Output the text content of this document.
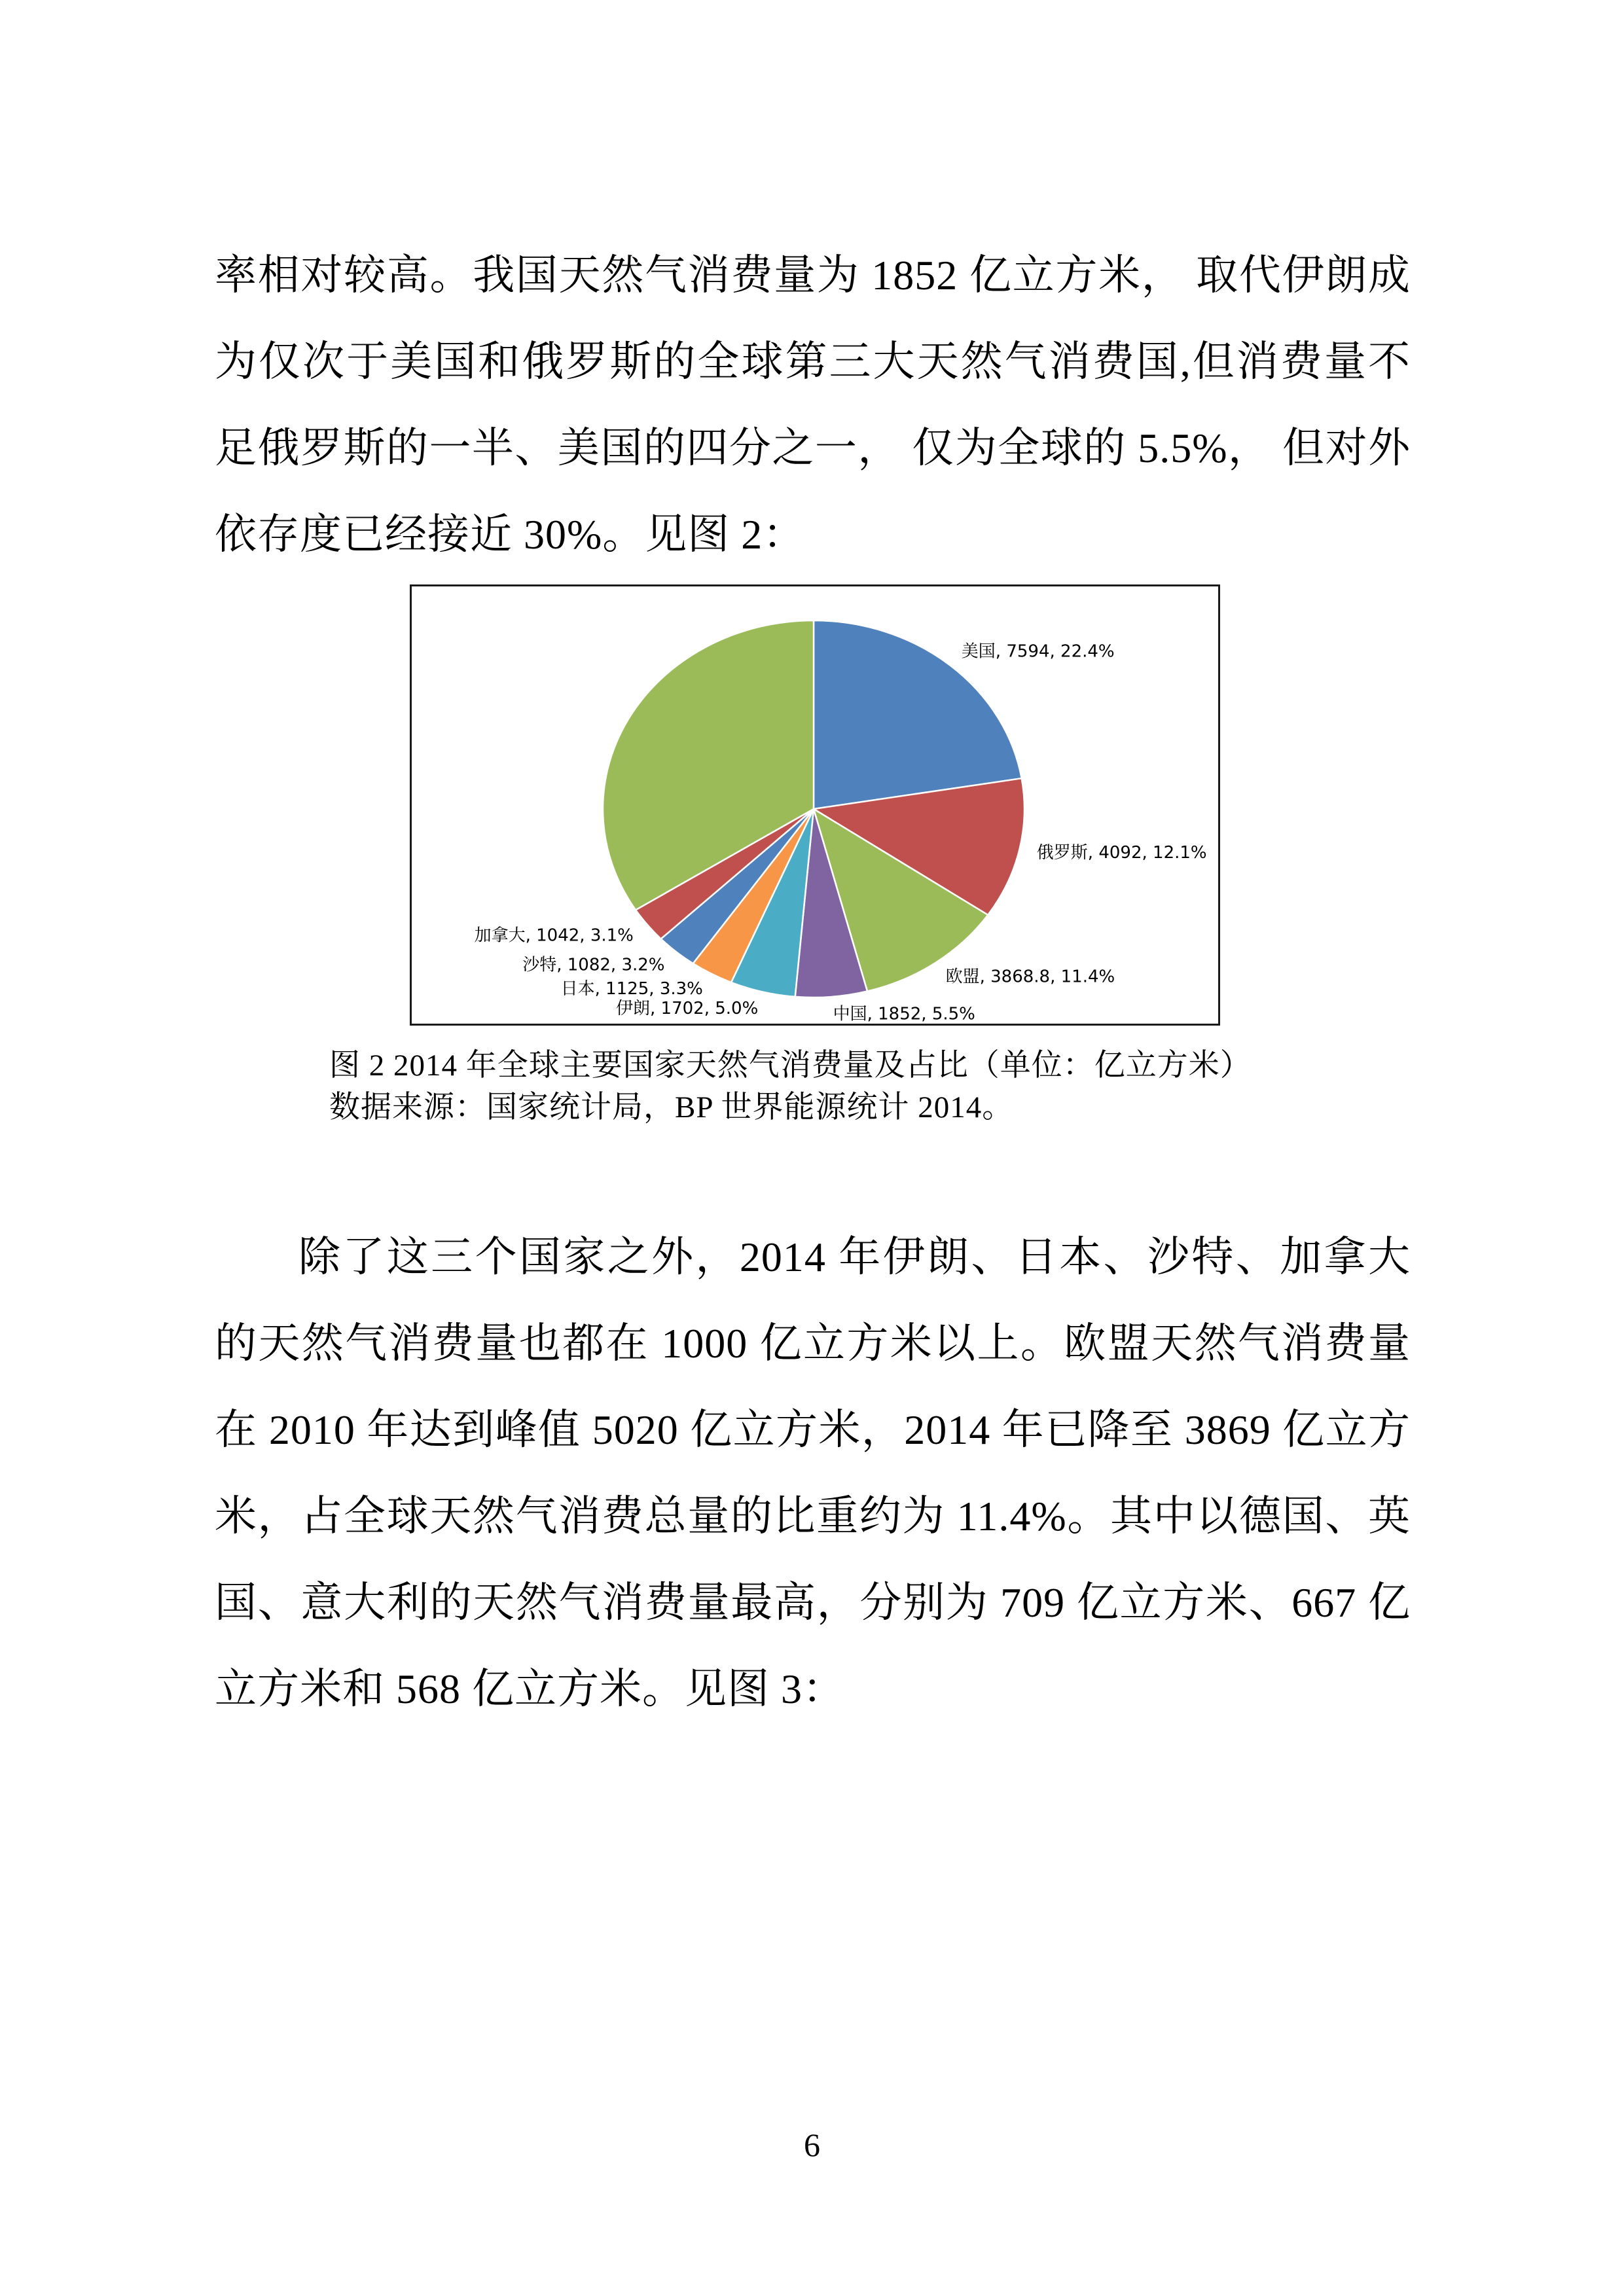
率相对较高。我国天然气消费量为 1852 亿立方米， 取代伊朗成
为仅次于美国和俄罗斯的全球第三大天然气消费国,但消费量不
足俄罗斯的一半、美国的四分之一， 仅为全球的 5.5%， 但对外
依存度已经接近 30%。见图 2：
美国, 7594, 22.4%
俄罗斯, 4092, 12.1%
欧盟, 3868.8, 11.4%
中国, 1852, 5.5%
伊朗, 1702, 5.0%
日本, 1125, 3.3%
沙特, 1082, 3.2%
加拿大, 1042, 3.1%
图 2 2014 年全球主要国家天然气消费量及占比（单位：亿立方米）
数据来源：国家统计局，BP 世界能源统计 2014。
除了这三个国家之外，2014 年伊朗、日本、沙特、加拿大
的天然气消费量也都在 1000 亿立方米以上。欧盟天然气消费量
在 2010 年达到峰值 5020 亿立方米，2014 年已降至 3869 亿立方
米，占全球天然气消费总量的比重约为 11.4%。其中以德国、英
国、意大利的天然气消费量最高，分别为 709 亿立方米、667 亿
立方米和 568 亿立方米。见图 3：
6
